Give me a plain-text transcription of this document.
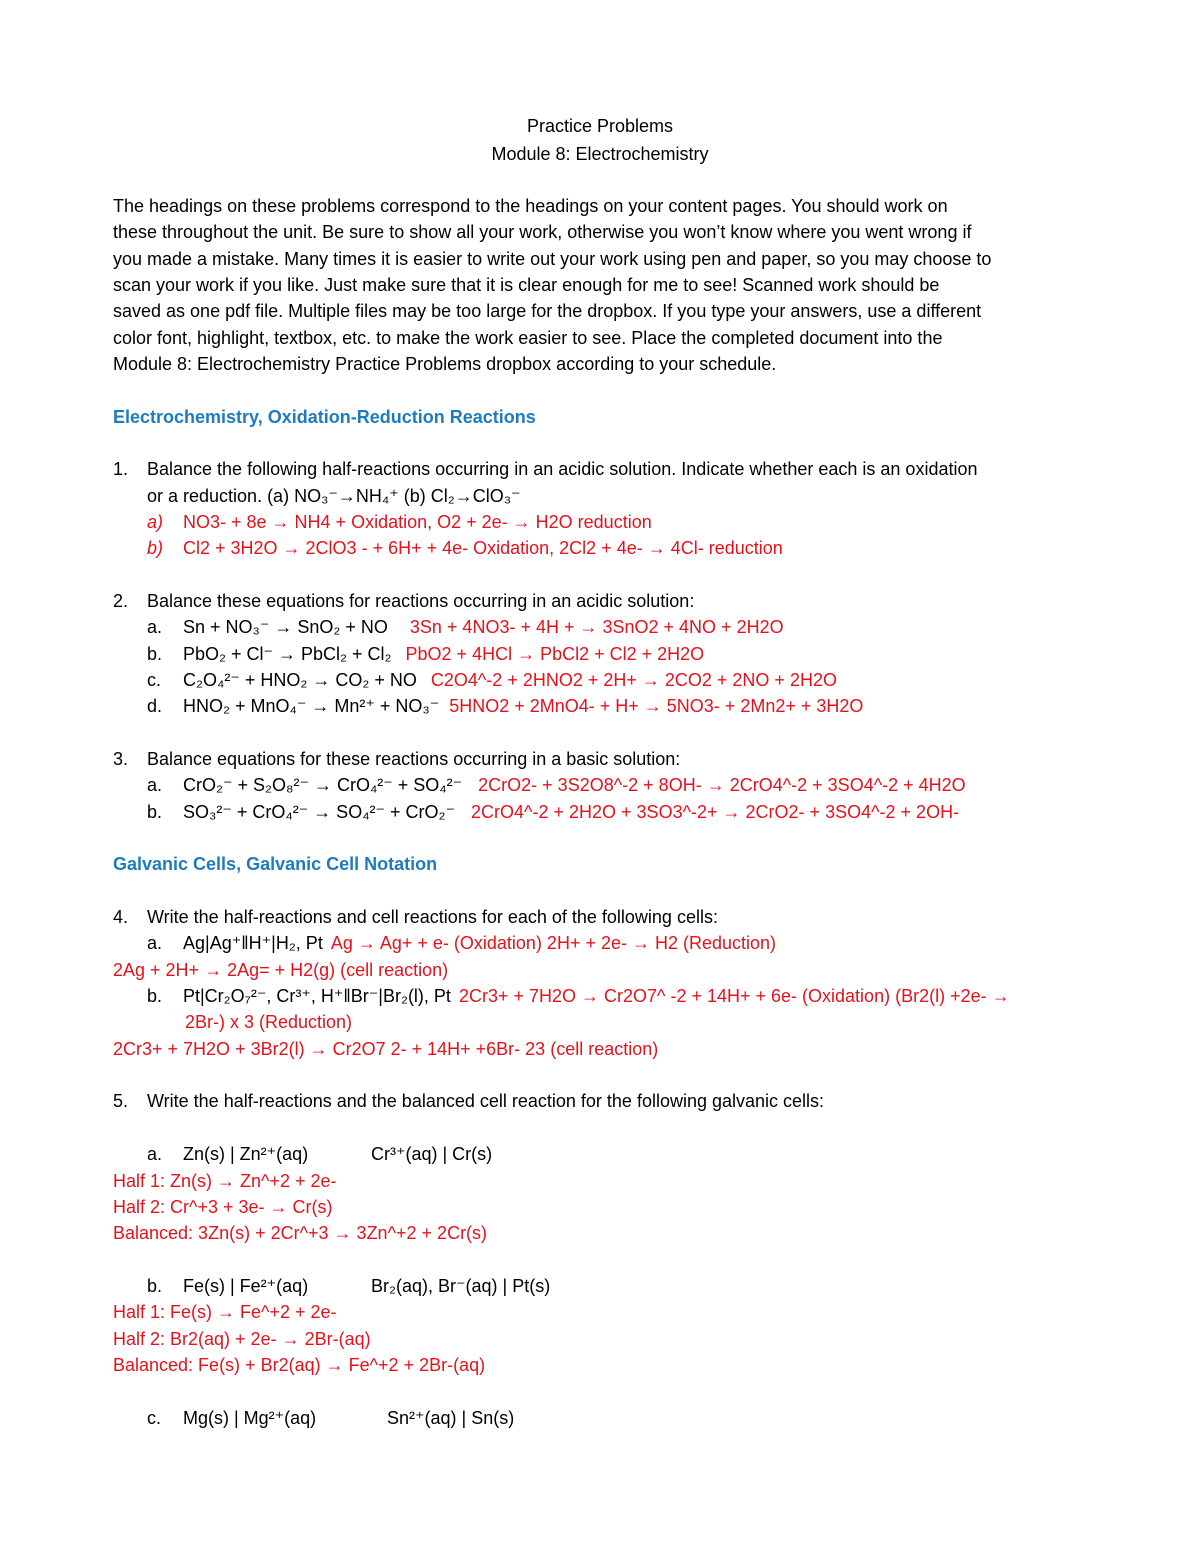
Practice Problems
Module 8: Electrochemistry
The headings on these problems correspond to the headings on your content pages. You should work on
these throughout the unit. Be sure to show all your work, otherwise you won’t know where you went wrong if
you made a mistake. Many times it is easier to write out your work using pen and paper, so you may choose to
scan your work if you like. Just make sure that it is clear enough for me to see! Scanned work should be
saved as one pdf file. Multiple files may be too large for the dropbox. If you type your answers, use a different
color font, highlight, textbox, etc. to make the work easier to see. Place the completed document into the
Module 8: Electrochemistry Practice Problems dropbox according to your schedule.
Electrochemistry, Oxidation-Reduction Reactions
1. Balance the following half-reactions occurring in an acidic solution. Indicate whether each is an oxidation
or a reduction. (a) NO₃⁻→NH₄⁺ (b) Cl₂→ClO₃⁻
a) NO3- + 8e → NH4 + Oxidation, O2 + 2e- → H2O reduction
b) Cl2 + 3H2O → 2ClO3 - + 6H+ + 4e- Oxidation, 2Cl2 + 4e- → 4Cl- reduction
2. Balance these equations for reactions occurring in an acidic solution:
a. Sn + NO₃⁻ → SnO₂ + NO 3Sn + 4NO3- + 4H + → 3SnO2 + 4NO + 2H2O
b. PbO₂ + Cl⁻ → PbCl₂ + Cl₂ PbO2 + 4HCl → PbCl2 + Cl2 + 2H2O
c. C₂O₄²⁻ + HNO₂ → CO₂ + NO C2O4^-2 + 2HNO2 + 2H+ → 2CO2 + 2NO + 2H2O
d. HNO₂ + MnO₄⁻ → Mn²⁺ + NO₃⁻ 5HNO2 + 2MnO4- + H+ → 5NO3- + 2Mn2+ + 3H2O
3. Balance equations for these reactions occurring in a basic solution:
a. CrO₂⁻ + S₂O₈²⁻ → CrO₄²⁻ + SO₄²⁻ 2CrO2- + 3S2O8^-2 + 8OH- → 2CrO4^-2 + 3SO4^-2 + 4H2O
b. SO₃²⁻ + CrO₄²⁻ → SO₄²⁻ + CrO₂⁻ 2CrO4^-2 + 2H2O + 3SO3^-2+ → 2CrO2- + 3SO4^-2 + 2OH-
Galvanic Cells, Galvanic Cell Notation
4. Write the half-reactions and cell reactions for each of the following cells:
a. Ag|Ag⁺‖H⁺|H₂, Pt Ag → Ag+ + e- (Oxidation) 2H+ + 2e- → H2 (Reduction)
2Ag + 2H+ → 2Ag= + H2(g) (cell reaction)
b. Pt|Cr₂O₇²⁻, Cr³⁺, H⁺‖Br⁻|Br₂(l), Pt 2Cr3+ + 7H2O → Cr2O7^ -2 + 14H+ + 6e- (Oxidation) (Br2(l) +2e- →
2Br-) x 3 (Reduction)
2Cr3+ + 7H2O + 3Br2(l) → Cr2O7 2- + 14H+ +6Br- 23 (cell reaction)
5. Write the half-reactions and the balanced cell reaction for the following galvanic cells:
a. Zn(s) | Zn²⁺(aq)	Cr³⁺(aq) | Cr(s)
Half 1: Zn(s) → Zn^+2 + 2e-
Half 2: Cr^+3 + 3e- → Cr(s)
Balanced: 3Zn(s) + 2Cr^+3 → 3Zn^+2 + 2Cr(s)
b. Fe(s) | Fe²⁺(aq)	Br₂(aq), Br⁻(aq) | Pt(s)
Half 1: Fe(s) → Fe^+2 + 2e-
Half 2: Br2(aq) + 2e- → 2Br-(aq)
Balanced: Fe(s) + Br2(aq) → Fe^+2 + 2Br-(aq)
c. Mg(s) | Mg²⁺(aq)	Sn²⁺(aq) | Sn(s)
